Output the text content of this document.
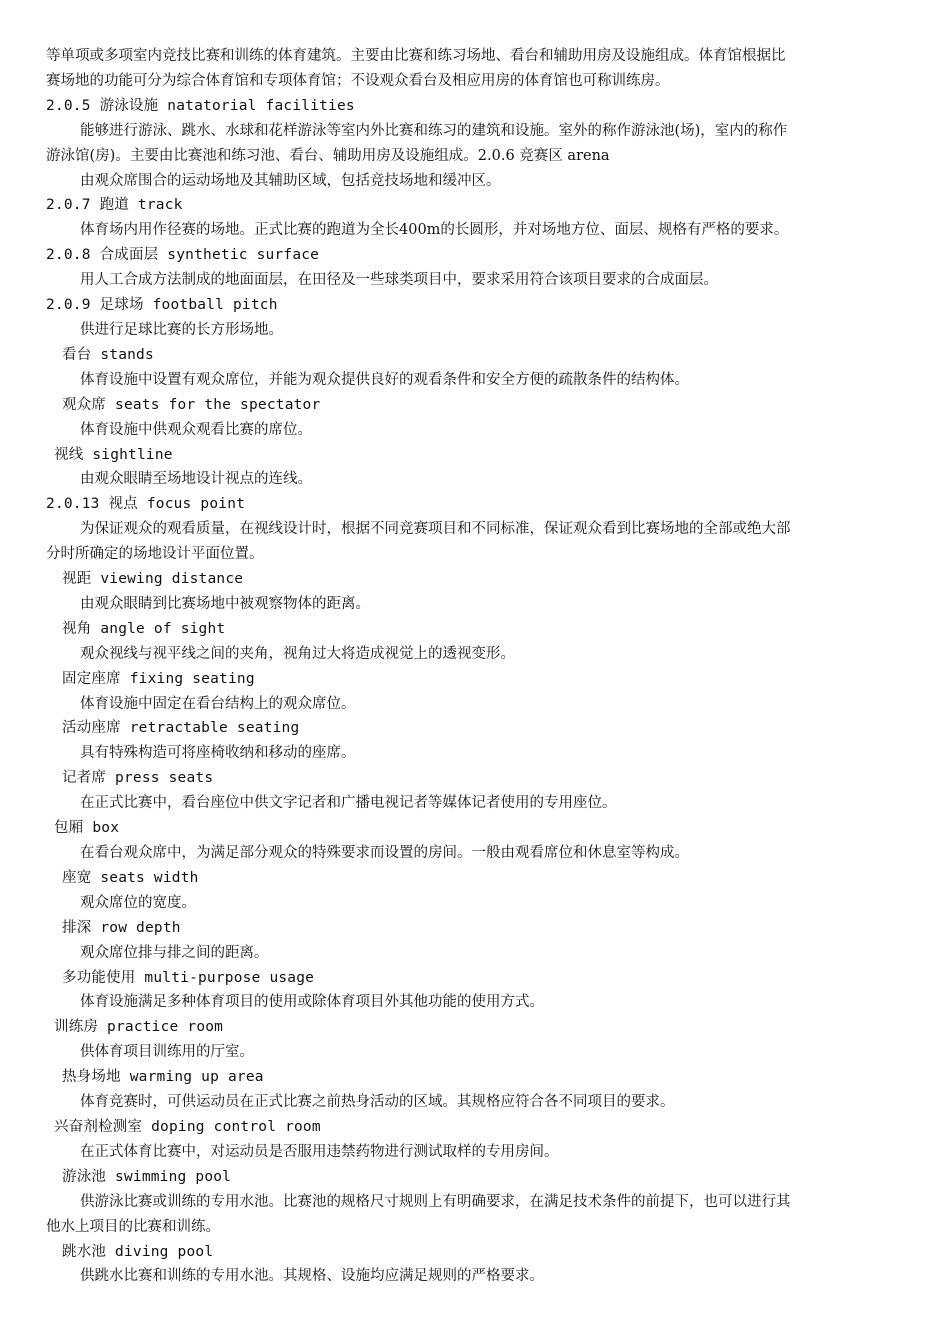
等单项或多项室内竞技比赛和训练的体育建筑。主要由比赛和练习场地、看台和辅助用房及设施组成。体育馆根据比
赛场地的功能可分为综合体育馆和专项体育馆；不设观众看台及相应用房的体育馆也可称训练房。
2.0.5 游泳设施 natatorial facilities
能够进行游泳、跳水、水球和花样游泳等室内外比赛和练习的建筑和设施。室外的称作游泳池(场)，室内的称作
游泳馆(房)。主要由比赛池和练习池、看台、辅助用房及设施组成。2.0.6 竞赛区 arena
由观众席围合的运动场地及其辅助区域，包括竞技场地和缓冲区。
2.0.7 跑道 track
体育场内用作径赛的场地。正式比赛的跑道为全长400m的长圆形，并对场地方位、面层、规格有严格的要求。
2.0.8 合成面层 synthetic surface
用人工合成方法制成的地面面层，在田径及一些球类项目中，要求采用符合该项目要求的合成面层。
2.0.9 足球场 football pitch
供进行足球比赛的长方形场地。
看台 stands
体育设施中设置有观众席位，并能为观众提供良好的观看条件和安全方便的疏散条件的结构体。
观众席 seats for the spectator
体育设施中供观众观看比赛的席位。
视线 sightline
由观众眼睛至场地设计视点的连线。
2.0.13 视点 focus point
为保证观众的观看质量，在视线设计时，根据不同竞赛项目和不同标准，保证观众看到比赛场地的全部或绝大部
分时所确定的场地设计平面位置。
视距 viewing distance
由观众眼睛到比赛场地中被观察物体的距离。
视角 angle of sight
观众视线与视平线之间的夹角，视角过大将造成视觉上的透视变形。
固定座席 fixing seating
体育设施中固定在看台结构上的观众席位。
活动座席 retractable seating
具有特殊构造可将座椅收纳和移动的座席。
记者席 press seats
在正式比赛中，看台座位中供文字记者和广播电视记者等媒体记者使用的专用座位。
包厢 box
在看台观众席中，为满足部分观众的特殊要求而设置的房间。一般由观看席位和休息室等构成。
座宽 seats width
观众席位的宽度。
排深 row depth
观众席位排与排之间的距离。
多功能使用 multi-purpose usage
体育设施满足多种体育项目的使用或除体育项目外其他功能的使用方式。
训练房 practice room
供体育项目训练用的厅室。
热身场地 warming up area
体育竞赛时，可供运动员在正式比赛之前热身活动的区域。其规格应符合各不同项目的要求。
兴奋剂检测室 doping control room
在正式体育比赛中，对运动员是否服用违禁药物进行测试取样的专用房间。
游泳池 swimming pool
供游泳比赛或训练的专用水池。比赛池的规格尺寸规则上有明确要求，在满足技术条件的前提下，也可以进行其
他水上项目的比赛和训练。
跳水池 diving pool
供跳水比赛和训练的专用水池。其规格、设施均应满足规则的严格要求。
